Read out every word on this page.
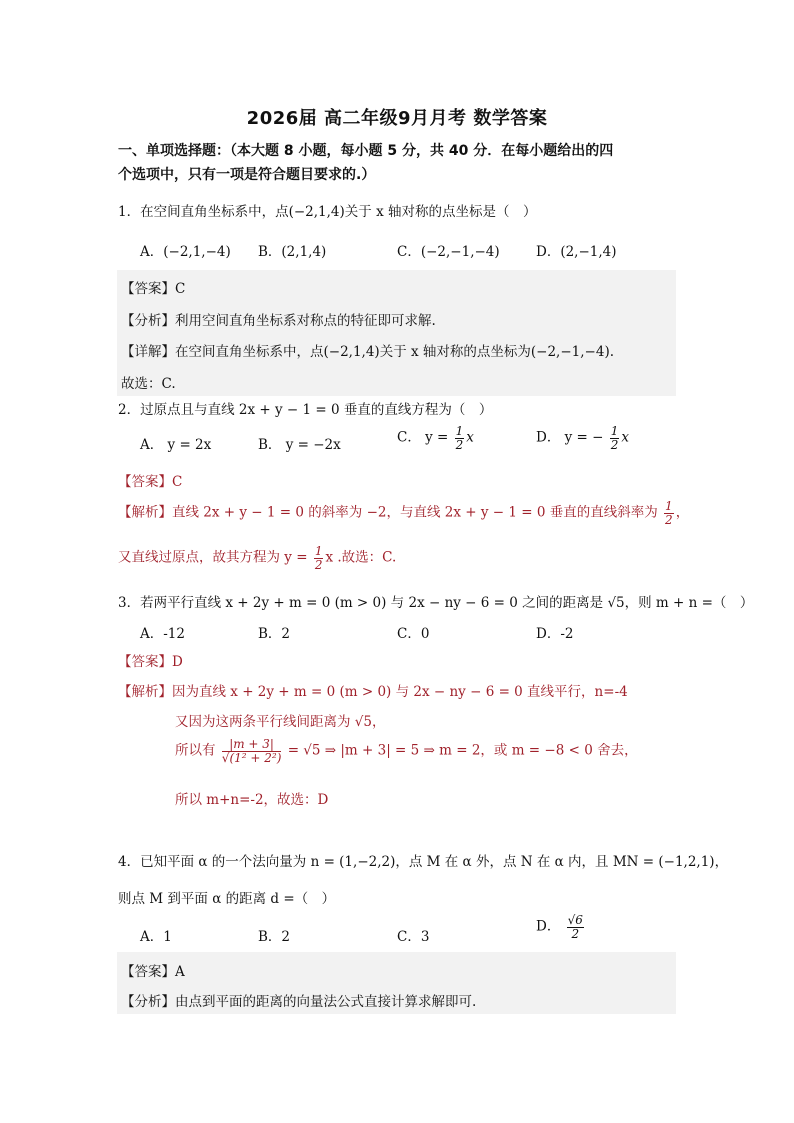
2026届 高二年级9月月考 数学答案
一、单项选择题：（本大题 8 小题，每小题 5 分，共 40 分．在每小题给出的四
个选项中，只有一项是符合题目要求的.）
1．在空间直角坐标系中，点(−2,1,4)关于 x 轴对称的点坐标是（　）
A．(−2,1,−4) B．(2,1,4)	C．(−2,−1,−4)	D．(2,−1,4)
【答案】C
【分析】利用空间直角坐标系对称点的特征即可求解.
【详解】在空间直角坐标系中，点(−2,1,4)关于 x 轴对称的点坐标为(−2,−1,−4).
故选：C.
2．过原点且与直线 2x + y − 1 = 0 垂直的直线方程为（　）
A． y = 2x	B． y = −2x	C． $y = \frac{1}{2}$ x	D． y = − $\frac{1}{2}$ x
【答案】C
【解析】直线 2x + y − 1 = 0 的斜率为 −2，与直线 2x + y − 1 = 0 垂直的直线斜率为 $\frac{1}{2}$ ，
又直线过原点，故其方程为 $y = \frac{1}{2}$ x .故选：C.
3．若两平行直线 x + 2y + m = 0 (m > 0) 与 2x − ny − 6 = 0 之间的距离是 √5，则 m + n =（　）
A．-12	B．2	C．0	D．-2
【答案】D
【解析】因为直线 x + 2y + m = 0 (m > 0) 与 2x − ny − 6 = 0 直线平行，n=-4
又因为这两条平行线间距离为 √5，
所以有 $\frac{|m + 3|}{\text{√(1² + 2²)}} = √5$ ⇒ |m + 3| = 5 ⇒ m = 2，或 m = −8 < 0 舍去，
所以 m+n=-2，故选：D
4．已知平面 α 的一个法向量为 n = (1,−2,2)，点 M 在 α 外，点 N 在 α 内，且 MN = (−1,2,1)，
则点 M 到平面 α 的距离 d =（　）
A．1	B．2	C．3
D． $\frac{√6}{2}$
【答案】A
【分析】由点到平面的距离的向量法公式直接计算求解即可.
